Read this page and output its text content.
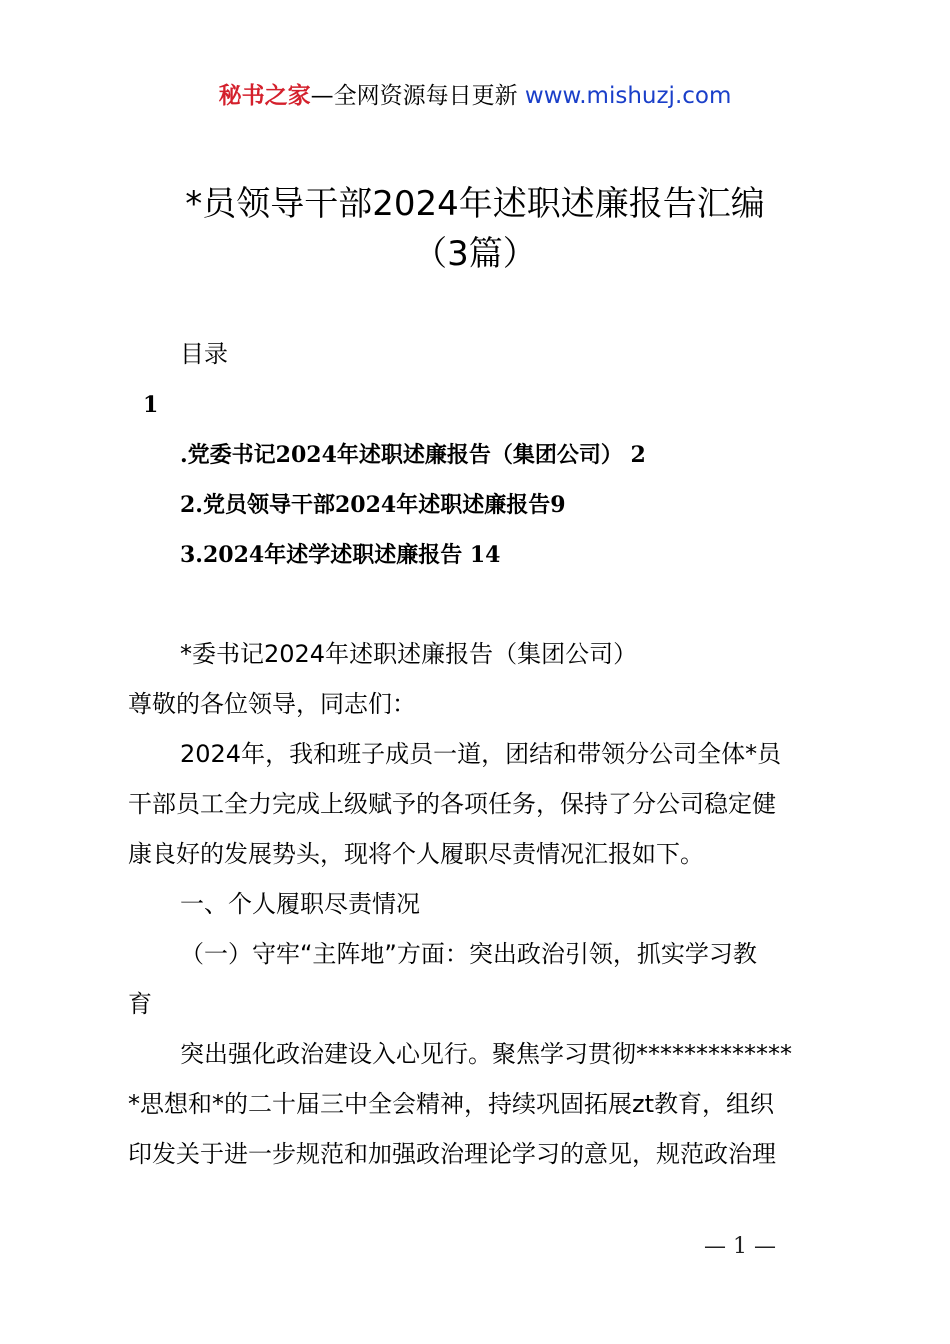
秘书之家—全网资源每日更新 www.mishuzj.com
*员领导干部2024年述职述廉报告汇编
（3篇）
目录
1
.党委书记2024年述职述廉报告（集团公司） 2
2.党员领导干部2024年述职述廉报告9
3.2024年述学述职述廉报告 14
*委书记2024年述职述廉报告（集团公司）
尊敬的各位领导，同志们：
2024年，我和班子成员一道，团结和带领分公司全体*员
干部员工全力完成上级赋予的各项任务，保持了分公司稳定健
康良好的发展势头，现将个人履职尽责情况汇报如下。
一、个人履职尽责情况
（一）守牢“主阵地”方面：突出政治引领，抓实学习教
育
突出强化政治建设入心见行。聚焦学习贯彻*************
*思想和*的二十届三中全会精神，持续巩固拓展zt教育，组织
印发关于进一步规范和加强政治理论学习的意见，规范政治理
— 1 —
